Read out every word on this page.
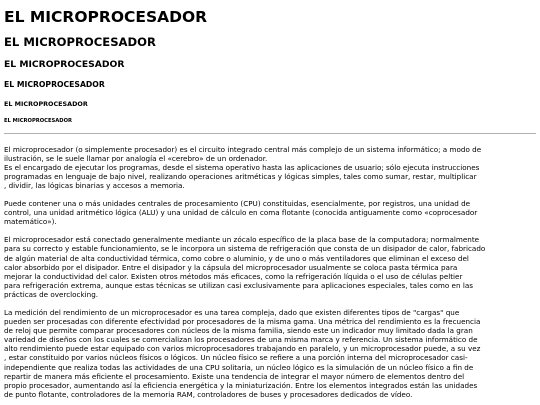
EL MICROPROCESADOR
EL MICROPROCESADOR
EL MICROPROCESADOR
EL MICROPROCESADOR
EL MICROPROCESADOR
EL MICROPROCESADOR

El microprocesador (o simplemente procesador) es el circuito integrado central más complejo de un sistema informático; a modo de
ilustración, se le suele llamar por analogía el «cerebro» de un ordenador.
Es el encargado de ejecutar los programas, desde el sistema operativo hasta las aplicaciones de usuario; sólo ejecuta instrucciones
programadas en lenguaje de bajo nivel, realizando operaciones aritméticas y lógicas simples, tales como sumar, restar, multiplicar
, dividir, las lógicas binarias y accesos a memoria.

Puede contener una o más unidades centrales de procesamiento (CPU) constituidas, esencialmente, por registros, una unidad de
control, una unidad aritmético lógica (ALU) y una unidad de cálculo en coma flotante (conocida antiguamente como «coprocesador
matemático»).

El microprocesador está conectado generalmente mediante un zócalo específico de la placa base de la computadora; normalmente
para su correcto y estable funcionamiento, se le incorpora un sistema de refrigeración que consta de un disipador de calor, fabricado
de algún material de alta conductividad térmica, como cobre o aluminio, y de uno o más ventiladores que eliminan el exceso del
calor absorbido por el disipador. Entre el disipador y la cápsula del microprocesador usualmente se coloca pasta térmica para
mejorar la conductividad del calor. Existen otros métodos más eficaces, como la refrigeración líquida o el uso de células peltier
para refrigeración extrema, aunque estas técnicas se utilizan casi exclusivamente para aplicaciones especiales, tales como en las
prácticas de overclocking.

La medición del rendimiento de un microprocesador es una tarea compleja, dado que existen diferentes tipos de "cargas" que
pueden ser procesadas con diferente efectividad por procesadores de la misma gama. Una métrica del rendimiento es la frecuencia
de reloj que permite comparar procesadores con núcleos de la misma familia, siendo este un indicador muy limitado dada la gran
variedad de diseños con los cuales se comercializan los procesadores de una misma marca y referencia. Un sistema informático de
alto rendimiento puede estar equipado con varios microprocesadores trabajando en paralelo, y un microprocesador puede, a su vez
, estar constituido por varios núcleos físicos o lógicos. Un núcleo físico se refiere a una porción interna del microprocesador casi-
independiente que realiza todas las actividades de una CPU solitaria, un núcleo lógico es la simulación de un núcleo físico a fin de
repartir de manera más eficiente el procesamiento. Existe una tendencia de integrar el mayor número de elementos dentro del
propio procesador, aumentando así la eficiencia energética y la miniaturización. Entre los elementos integrados están las unidades
de punto flotante, controladores de la memoria RAM, controladores de buses y procesadores dedicados de vídeo.
